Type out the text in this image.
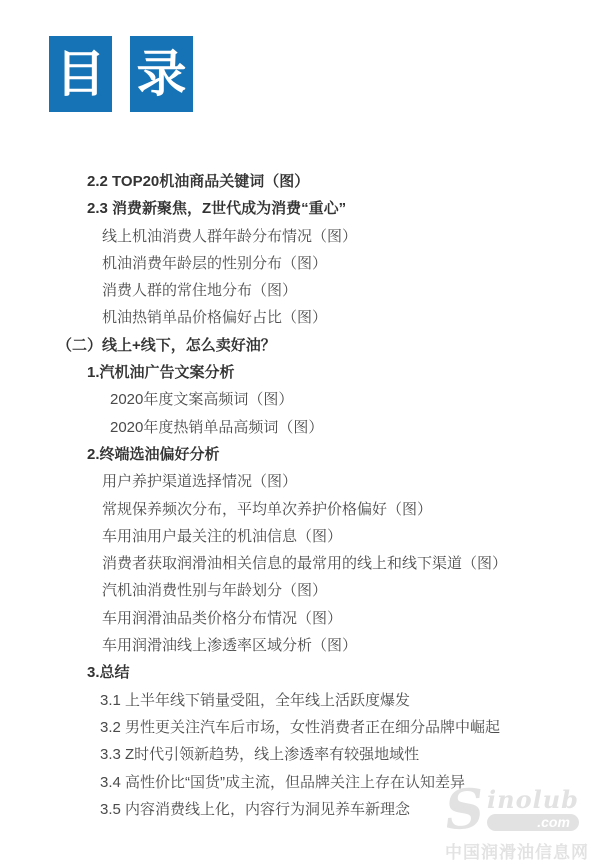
目 录
2.2 TOP20机油商品关键词（图）
2.3 消费新聚焦，Z世代成为消费“重心”
线上机油消费人群年龄分布情况（图）
机油消费年龄层的性别分布（图）
消费人群的常住地分布（图）
机油热销单品价格偏好占比（图）
（二）线上+线下，怎么卖好油？
1.汽机油广告文案分析
2020年度文案高频词（图）
2020年度热销单品高频词（图）
2.终端选油偏好分析
用户养护渠道选择情况（图）
常规保养频次分布，平均单次养护价格偏好（图）
车用油用户最关注的机油信息（图）
消费者获取润滑油相关信息的最常用的线上和线下渠道（图）
汽机油消费性别与年龄划分（图）
车用润滑油品类价格分布情况（图）
车用润滑油线上渗透率区域分析（图）
3.总结
3.1 上半年线下销量受阻，全年线上活跃度爆发
3.2 男性更关注汽车后市场，女性消费者正在细分品牌中崛起
3.3 Z时代引领新趋势，线上渗透率有较强地域性
3.4 高性价比“国货”成主流，但品牌关注上存在认知差异
3.5 内容消费线上化，内容行为洞见养车新理念 S inolub
.com
中国润滑油信息网
